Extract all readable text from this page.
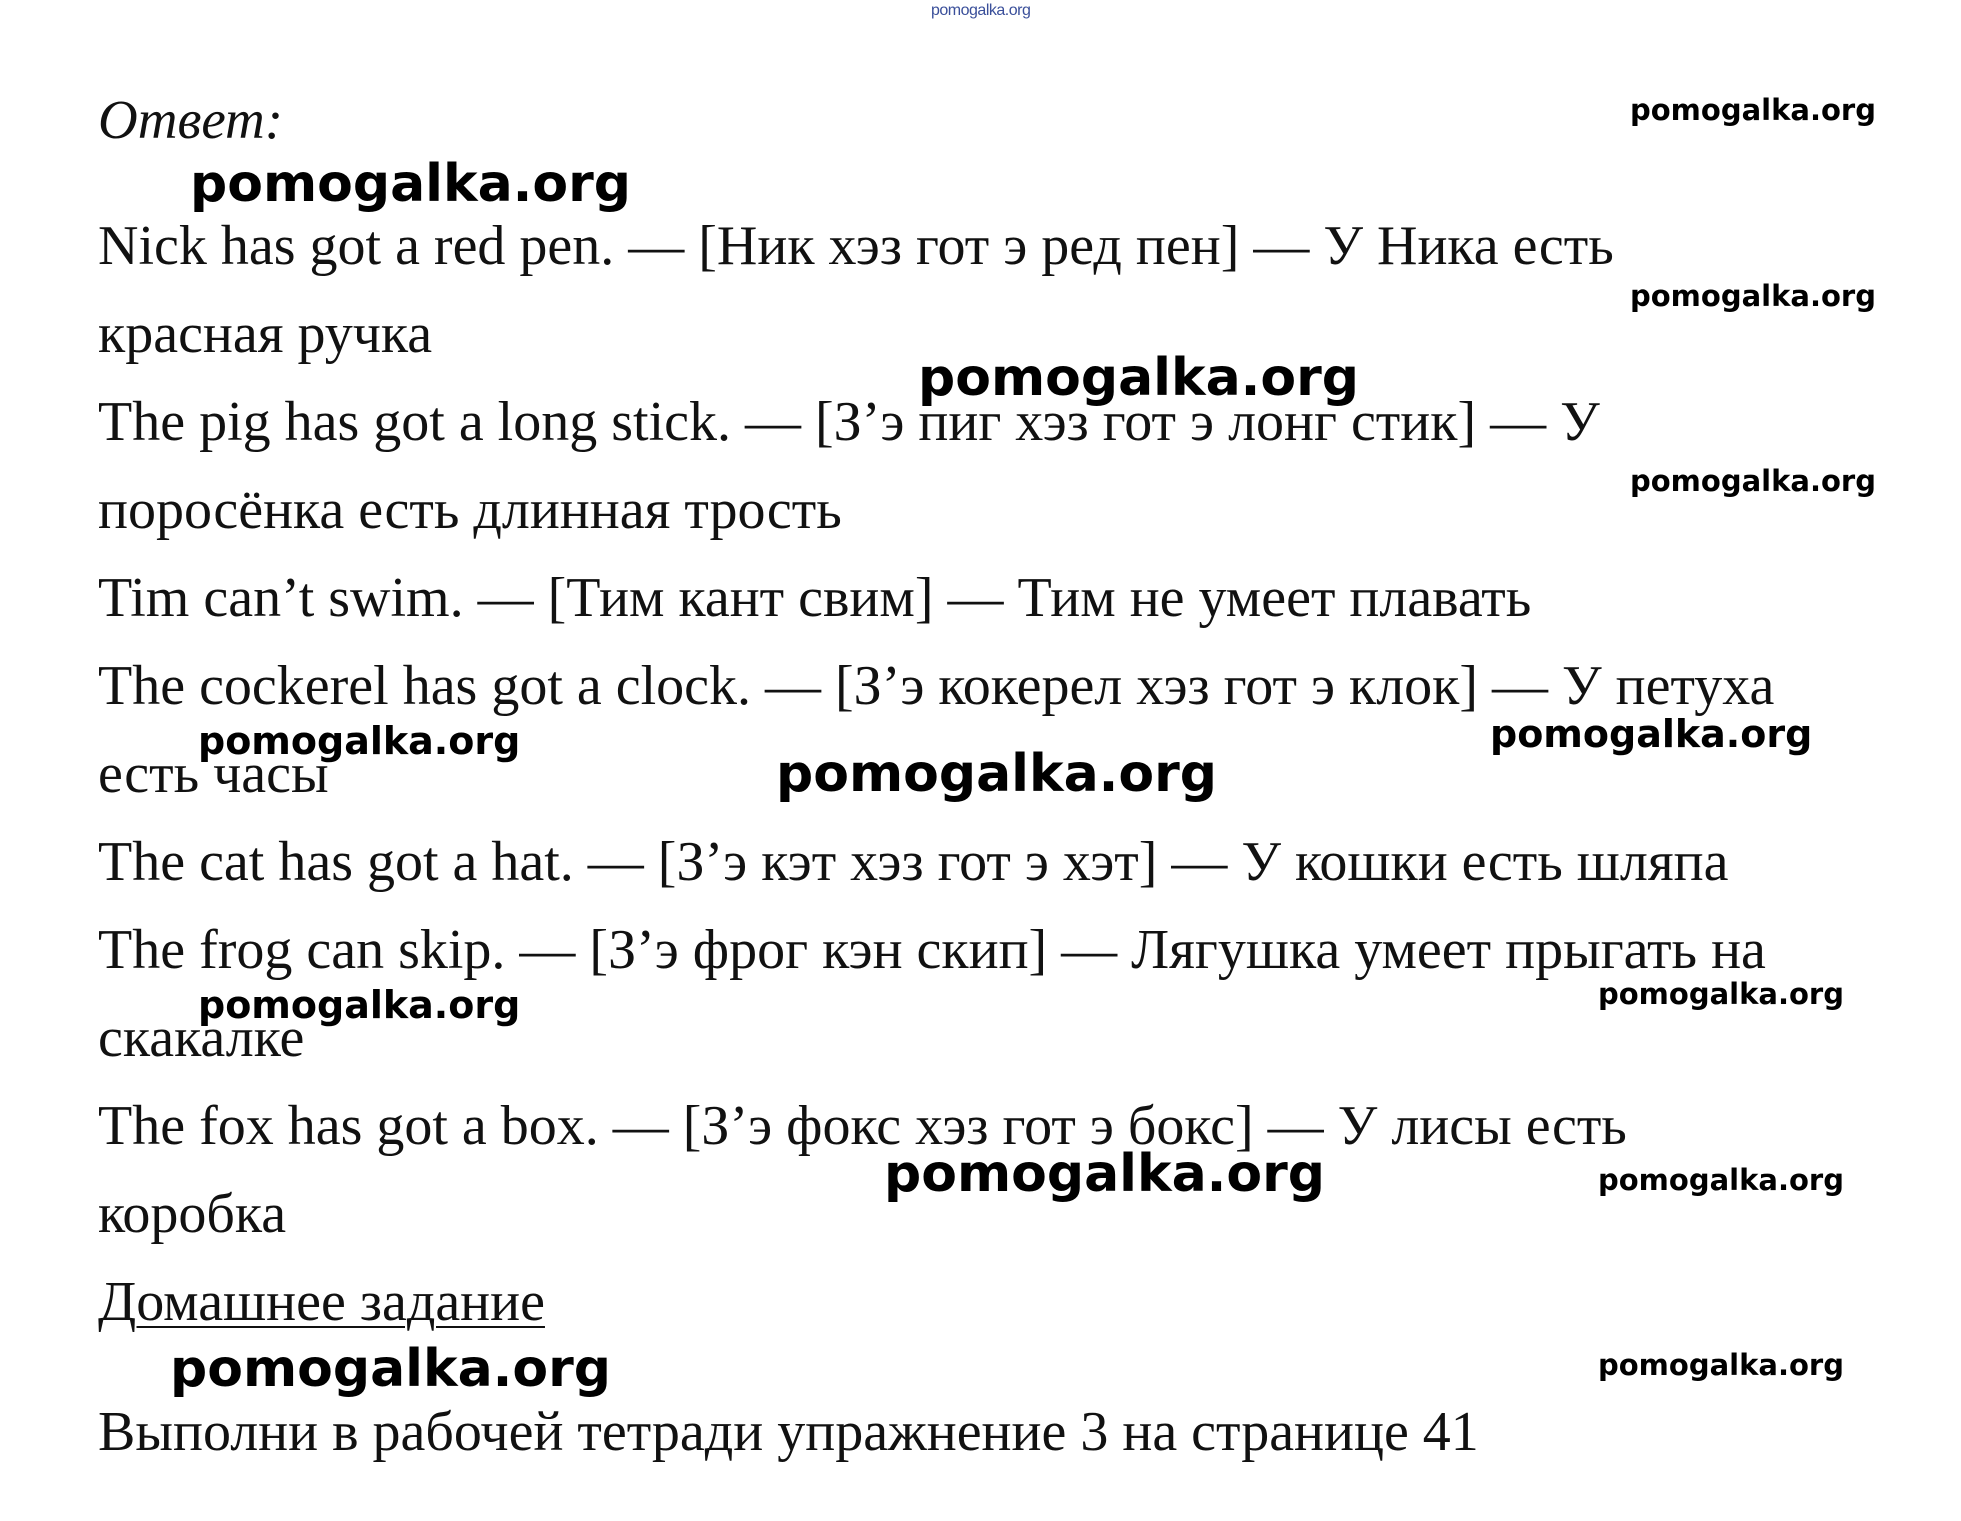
pomogalka.org
Ответ:
Nick has got a red pen. — [Ник хэз гот э ред пен] — У Ника есть
красная ручка
The pig has got a long stick. — [З’э пиг хэз гот э лонг стик] — У
поросёнка есть длинная трость
Tim can’t swim. — [Тим кант свим] — Тим не умеет плавать
The cockerel has got a clock. — [З’э кокерел хэз гот э клок] — У петуха
есть часы
The cat has got a hat. — [З’э кэт хэз гот э хэт] — У кошки есть шляпа
The frog can skip. — [З’э фрог кэн скип] — Лягушка умеет прыгать на
скакалке
The fox has got a box. — [З’э фокс хэз гот э бокс] — У лисы есть
коробка
Домашнее задание
Выполни в рабочей тетради упражнение 3 на странице 41
pomogalka.org
pomogalka.org
pomogalka.org
pomogalka.org
pomogalka.org
pomogalka.org	pomogalka.org
pomogalka.org
pomogalka.org
pomogalka.org
pomogalka.org
pomogalka.org
pomogalka.org
pomogalka.org
